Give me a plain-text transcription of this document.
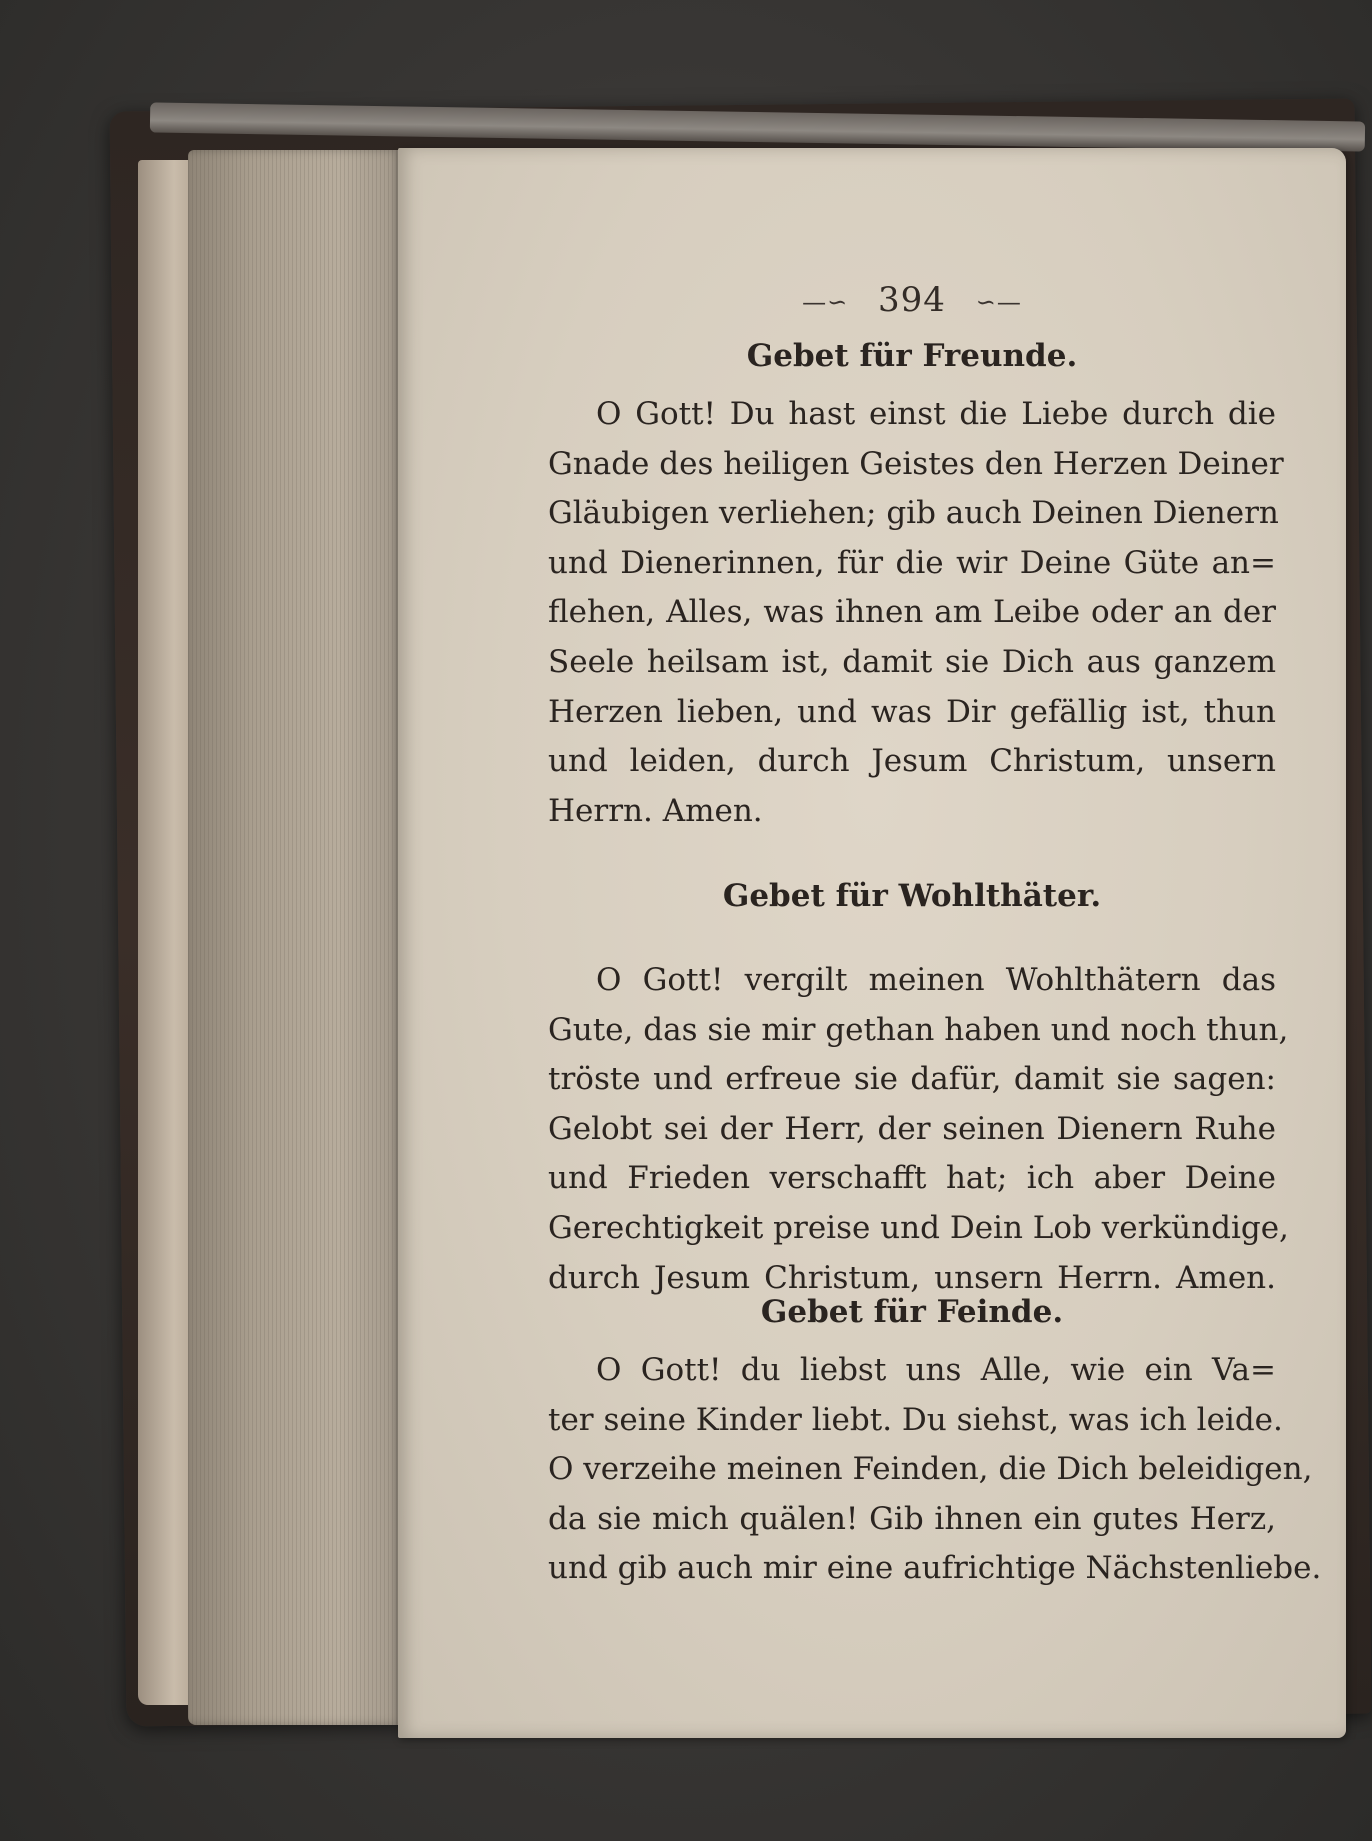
—∽ 394 ∽—
Gebet für Freunde.
O Gott! Du hast einst die Liebe durch die
Gnade des heiligen Geistes den Herzen Deiner
Gläubigen verliehen; gib auch Deinen Dienern
und Dienerinnen, für die wir Deine Güte an=
flehen, Alles, was ihnen am Leibe oder an der
Seele heilsam ist, damit sie Dich aus ganzem
Herzen lieben, und was Dir gefällig ist, thun
und leiden, durch Jesum Christum, unsern
Herrn. Amen.
Gebet für Wohlthäter.
O Gott! vergilt meinen Wohlthätern das
Gute, das sie mir gethan haben und noch thun,
tröste und erfreue sie dafür, damit sie sagen:
Gelobt sei der Herr, der seinen Dienern Ruhe
und Frieden verschafft hat; ich aber Deine
Gerechtigkeit preise und Dein Lob verkündige,
durch Jesum Christum, unsern Herrn. Amen.
Gebet für Feinde.
O Gott! du liebst uns Alle, wie ein Va=
ter seine Kinder liebt. Du siehst, was ich leide.
O verzeihe meinen Feinden, die Dich beleidigen,
da sie mich quälen! Gib ihnen ein gutes Herz,
und gib auch mir eine aufrichtige Nächstenliebe.
